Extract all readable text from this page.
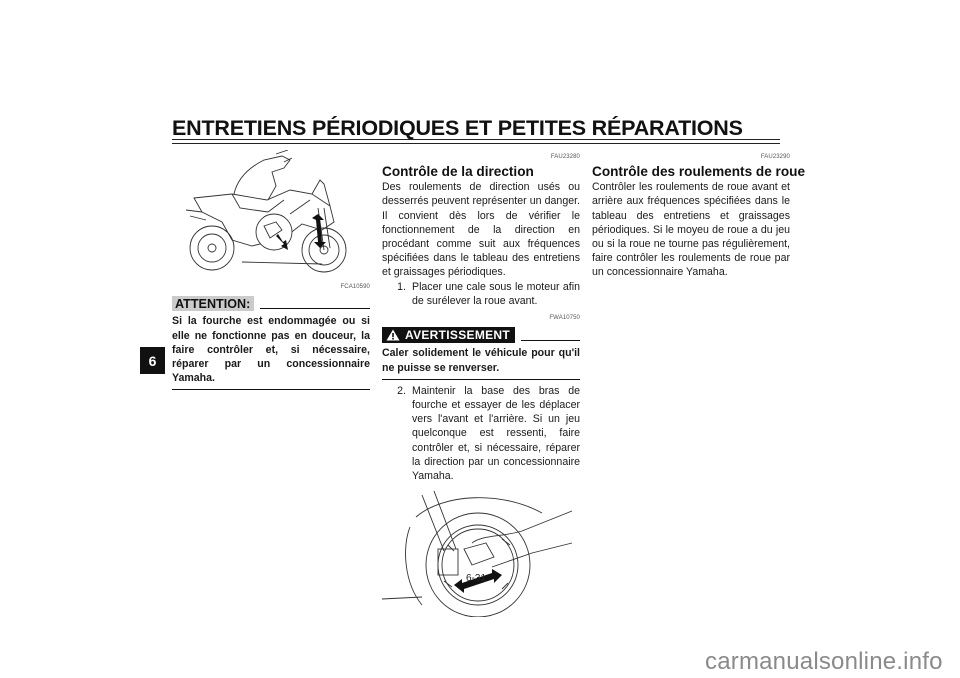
ENTRETIENS PÉRIODIQUES ET PETITES RÉPARATIONS
6
FCA10590
ATTENTION:
Si la fourche est endommagée ou si elle ne fonctionne pas en douceur, la faire contrôler et, si nécessaire, réparer par un concessionnaire Yamaha.
FAU23280
Contrôle de la direction
Des roulements de direction usés ou desserrés peuvent représenter un danger. Il convient dès lors de vérifier le fonctionnement de la direction en procédant comme suit aux fréquences spécifiées dans le tableau des entretiens et graissages périodiques.
1. Placer une cale sous le moteur afin de surélever la roue avant.
FWA10750
AVERTISSEMENT
Caler solidement le véhicule pour qu'il ne puisse se renverser.
2. Maintenir la base des bras de fourche et essayer de les déplacer vers l'avant et l'arrière. Si un jeu quelconque est ressenti, faire contrôler et, si nécessaire, réparer la direction par un concessionnaire Yamaha.
FAU23290
Contrôle des roulements de roue
Contrôler les roulements de roue avant et arrière aux fréquences spécifiées dans le tableau des entretiens et graissages périodiques. Si le moyeu de roue a du jeu ou si la roue ne tourne pas régulièrement, faire contrôler les roulements de roue par un concessionnaire Yamaha.
6-31
carmanualsonline.info
